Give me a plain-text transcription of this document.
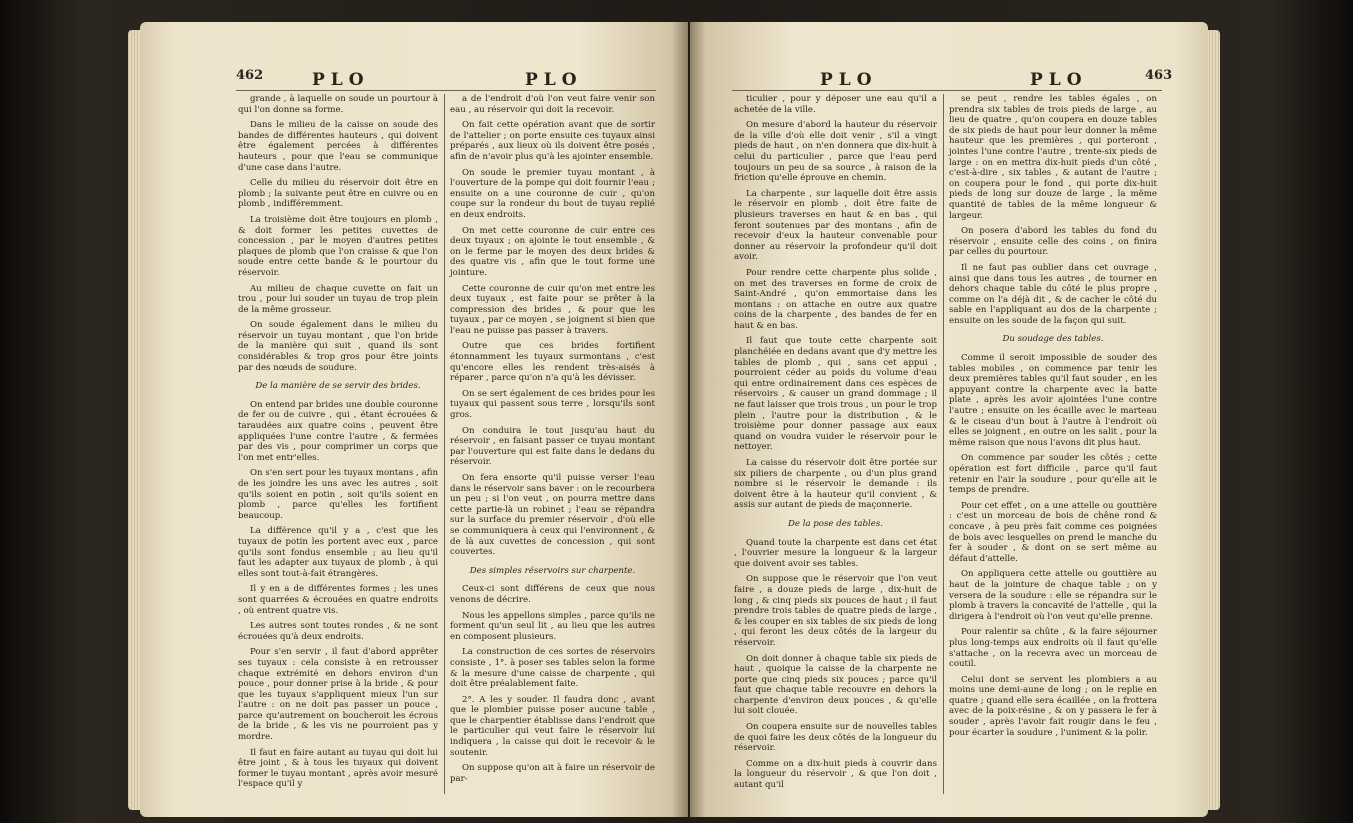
462	PLO	PLO

grande , à laquelle on soude un pourtour à qui l'on donne sa forme.

Dans le milieu de la caisse on soude des bandes de différentes hauteurs , qui doivent être également percées à différentes hauteurs , pour que l'eau se communique d'une case dans l'autre.

Celle du milieu du réservoir doit être en plomb ; la suivante peut être en cuivre ou en plomb , indifféremment.

La troisième doit être toujours en plomb , & doit former les petites cuvettes de concession , par le moyen d'autres petites plaques de plomb que l'on craisse & que l'on soude entre cette bande & le pourtour du réservoir.

Au milieu de chaque cuvette on fait un trou , pour lui souder un tuyau de trop plein de la même grosseur.

On soude également dans le milieu du réservoir un tuyau montant , que l'on bride de la manière qui suit , quand ils sont considérables & trop gros pour être joints par des nœuds de soudure.

De la manière de se servir des brides.

On entend par brides une double couronne de fer ou de cuivre , qui , étant écrouées & taraudées aux quatre coins , peuvent être appliquées l'une contre l'autre , & fermées par des vis , pour comprimer un corps que l'on met entr'elles.

On s'en sert pour les tuyaux montans , afin de les joindre les uns avec les autres , soit qu'ils soient en potin , soit qu'ils soient en plomb , parce qu'elles les fortifient beaucoup.

La différence qu'il y a , c'est que les tuyaux de potin les portent avec eux , parce qu'ils sont fondus ensemble ; au lieu qu'il faut les adapter aux tuyaux de plomb , à qui elles sont tout-à-fait étrangères.

Il y en a de différentes formes ; les unes sont quarrées & écrouées en quatre endroits , où entrent quatre vis.

Les autres sont toutes rondes , & ne sont écrouées qu'à deux endroits.

Pour s'en servir , il faut d'abord apprêter ses tuyaux : cela consiste à en retrousser chaque extrémité en dehors environ d'un pouce , pour donner prise à la bride , & pour que les tuyaux s'appliquent mieux l'un sur l'autre : on ne doit pas passer un pouce , parce qu'autrement on boucheroit les écrous de la bride , & les vis ne pourroient pas y mordre.

Il faut en faire autant au tuyau qui doit lui être joint , & à tous les tuyaux qui doivent former le tuyau montant , après avoir mesuré l'espace qu'il y

a de l'endroit d'où l'on veut faire venir son eau , au réservoir qui doit la recevoir.

On fait cette opération avant que de sortir de l'attelier ; on porte ensuite ces tuyaux ainsi préparés , aux lieux où ils doivent être posés , afin de n'avoir plus qu'à les ajointer ensemble.

On soude le premier tuyau montant , à l'ouverture de la pompe qui doit fournir l'eau ; ensuite on a une couronne de cuir , qu'on coupe sur la rondeur du bout de tuyau replié en deux endroits.

On met cette couronne de cuir entre ces deux tuyaux ; on ajointe le tout ensemble , & on le ferme par le moyen des deux brides & des quatre vis , afin que le tout forme une jointure.

Cette couronne de cuir qu'on met entre les deux tuyaux , est faite pour se prêter à la compression des brides , & pour que les tuyaux , par ce moyen , se joignent si bien que l'eau ne puisse pas passer à travers.

Outre que ces brides fortifient étonnamment les tuyaux surmontans , c'est qu'encore elles les rendent très-aisés à réparer , parce qu'on n'a qu'à les dévisser.

On se sert également de ces brides pour les tuyaux qui passent sous terre , lorsqu'ils sont gros.

On conduira le tout jusqu'au haut du réservoir , en faisant passer ce tuyau montant par l'ouverture qui est faite dans le dedans du réservoir.

On fera ensorte qu'il puisse verser l'eau dans le réservoir sans baver : on le recourbera un peu ; si l'on veut , on pourra mettre dans cette partie-là un robinet ; l'eau se répandra sur la surface du premier réservoir , d'où elle se communiquera à ceux qui l'environnent , & de là aux cuvettes de concession , qui sont couvertes.

Des simples réservoirs sur charpente.

Ceux-ci sont différens de ceux que nous venons de décrire.

Nous les appellons simples , parce qu'ils ne forment qu'un seul lit , au lieu que les autres en composent plusieurs.

La construction de ces sortes de réservoirs consiste , 1°. à poser ses tables selon la forme & la mesure d'une caisse de charpente , qui doit être préalablement faite.

2°. A les y souder. Il faudra donc , avant que le plombier puisse poser aucune table , que le charpentier établisse dans l'endroit que le particulier qui veut faire le réservoir lui indiquera , la caisse qui doit le recevoir & le soutenir.

On suppose qu'on ait à faire un réservoir de par-

PLO	PLO	463

ticulier , pour y déposer une eau qu'il a achetée de la ville.

On mesure d'abord la hauteur du réservoir de la ville d'où elle doit venir , s'il a vingt pieds de haut , on n'en donnera que dix-huit à celui du particulier , parce que l'eau perd toujours un peu de sa source , à raison de la friction qu'elle éprouve en chemin.

La charpente , sur laquelle doit être assis le réservoir en plomb , doit être faite de plusieurs traverses en haut & en bas , qui feront soutenues par des montans , afin de recevoir d'eux la hauteur convenable pour donner au réservoir la profondeur qu'il doit avoir.

Pour rendre cette charpente plus solide , on met des traverses en forme de croix de Saint-André , qu'on emmortaise dans les montans : on attache en outre aux quatre coins de la charpente , des bandes de fer en haut & en bas.

Il faut que toute cette charpente soit planchéiée en dedans avant que d'y mettre les tables de plomb , qui , sans cet appui , pourroient céder au poids du volume d'eau qui entre ordinairement dans ces espèces de réservoirs , & causer un grand dommage ; il ne faut laisser que trois trous , un pour le trop plein , l'autre pour la distribution , & le troisième pour donner passage aux eaux quand on voudra vuider le réservoir pour le nettoyer.

La caisse du réservoir doit être portée sur six piliers de charpente , ou d'un plus grand nombre si le réservoir le demande : ils doivent être à la hauteur qu'il convient , & assis sur autant de pieds de maçonnerie.

De la pose des tables.

Quand toute la charpente est dans cet état , l'ouvrier mesure la longueur & la largeur que doivent avoir ses tables.

On suppose que le réservoir que l'on veut faire , a douze pieds de large , dix-huit de long , & cinq pieds six pouces de haut ; il faut prendre trois tables de quatre pieds de large , & les couper en six tables de six pieds de long , qui feront les deux côtés de la largeur du réservoir.

On doit donner à chaque table six pieds de haut , quoique la caisse de la charpente ne porte que cinq pieds six pouces ; parce qu'il faut que chaque table recouvre en dehors la charpente d'environ deux pouces , & qu'elle lui soit clouée.

On coupera ensuite sur de nouvelles tables de quoi faire les deux côtés de la longueur du réservoir.

Comme on a dix-huit pieds à couvrir dans la longueur du réservoir , & que l'on doit , autant qu'il

se peut , rendre les tables égales , on prendra six tables de trois pieds de large , au lieu de quatre , qu'on coupera en douze tables de six pieds de haut pour leur donner la même hauteur que les premières , qui porteront , jointes l'une contre l'autre , trente-six pieds de large : on en mettra dix-huit pieds d'un côté , c'est-à-dire , six tables , & autant de l'autre ; on coupera pour le fond , qui porte dix-huit pieds de long sur douze de large , la même quantité de tables de la même longueur & largeur.

On posera d'abord les tables du fond du réservoir , ensuite celle des coins , on finira par celles du pourtour.

Il ne faut pas oublier dans cet ouvrage , ainsi que dans tous les autres , de tourner en dehors chaque table du côté le plus propre , comme on l'a déjà dit , & de cacher le côté du sable en l'appliquant au dos de la charpente ; ensuite on les soude de la façon qui suit.

Du soudage des tables.

Comme il seroit impossible de souder des tables mobiles , on commence par tenir les deux premières tables qu'il faut souder , en les appuyant contre la charpente avec la batte plate , après les avoir ajointées l'une contre l'autre ; ensuite on les écaille avec le marteau & le ciseau d'un bout à l'autre à l'endroit où elles se joignent , en outre on les salit , pour la même raison que nous l'avons dit plus haut.

On commence par souder les côtés ; cette opération est fort difficile , parce qu'il faut retenir en l'air la soudure , pour qu'elle ait le temps de prendre.

Pour cet effet , on a une attelle ou gouttière : c'est un morceau de bois de chêne rond & concave , à peu près fait comme ces poignées de bois avec lesquelles on prend le manche du fer à souder , & dont on se sert même au défaut d'attelle.

On appliquera cette attelle ou gouttière au haut de la jointure de chaque table ; on y versera de la soudure : elle se répandra sur le plomb à travers la concavité de l'attelle , qui la dirigera à l'endroit où l'on veut qu'elle prenne.

Pour ralentir sa chûte , & la faire séjourner plus long-temps aux endroits où il faut qu'elle s'attache , on la recevra avec un morceau de coutil.

Celui dont se servent les plombiers a au moins une demi-aune de long ; on le replie en quatre ; quand elle sera écaillée , on la frottera avec de la poix-résine , & on y passera le fer à souder , après l'avoir fait rougir dans le feu , pour écarter la soudure , l'uniment & la polir.
